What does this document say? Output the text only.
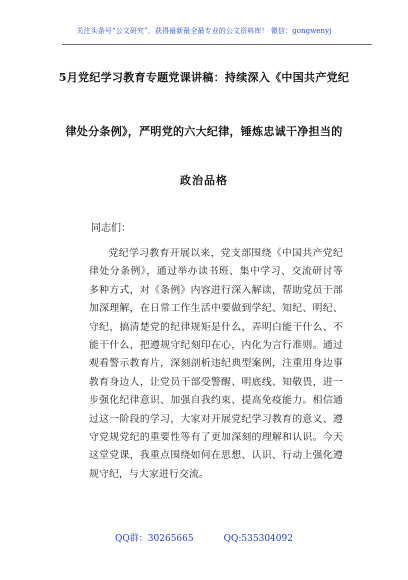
关注头条号“公文研究”，获得最新最全最专业的公文资料库！ 微信：gongwenyj
5月党纪学习教育专题党课讲稿：持续深入《中国共产党纪
律处分条例》，严明党的六大纪律，锤炼忠诚干净担当的
政治品格
同志们：

党纪学习教育开展以来，党支部围绕《中国共产党纪律处分条例》，通过举办读书班、集中学习、交流研讨等多种方式，对《条例》内容进行深入解读，帮助党员干部加深理解，在日常工作生活中要做到学纪、知纪、明纪、守纪，搞清楚党的纪律规矩是什么，弄明白能干什么、不能干什么，把遵规守纪刻印在心，内化为言行准则。通过观看警示教育片，深刻剖析违纪典型案例，注重用身边事教育身边人，让党员干部受警醒、明底线、知敬畏，进一步强化纪律意识、加强自我约束、提高免疫能力。相信通过这一阶段的学习，大家对开展党纪学习教育的意义、遵守党规党纪的重要性等有了更加深刻的理解和认识。今天这堂党课，我重点围绕如何在思想、认识、行动上强化遵规守纪，与大家进行交流。

QQ群：30265665	QQ:535304092
